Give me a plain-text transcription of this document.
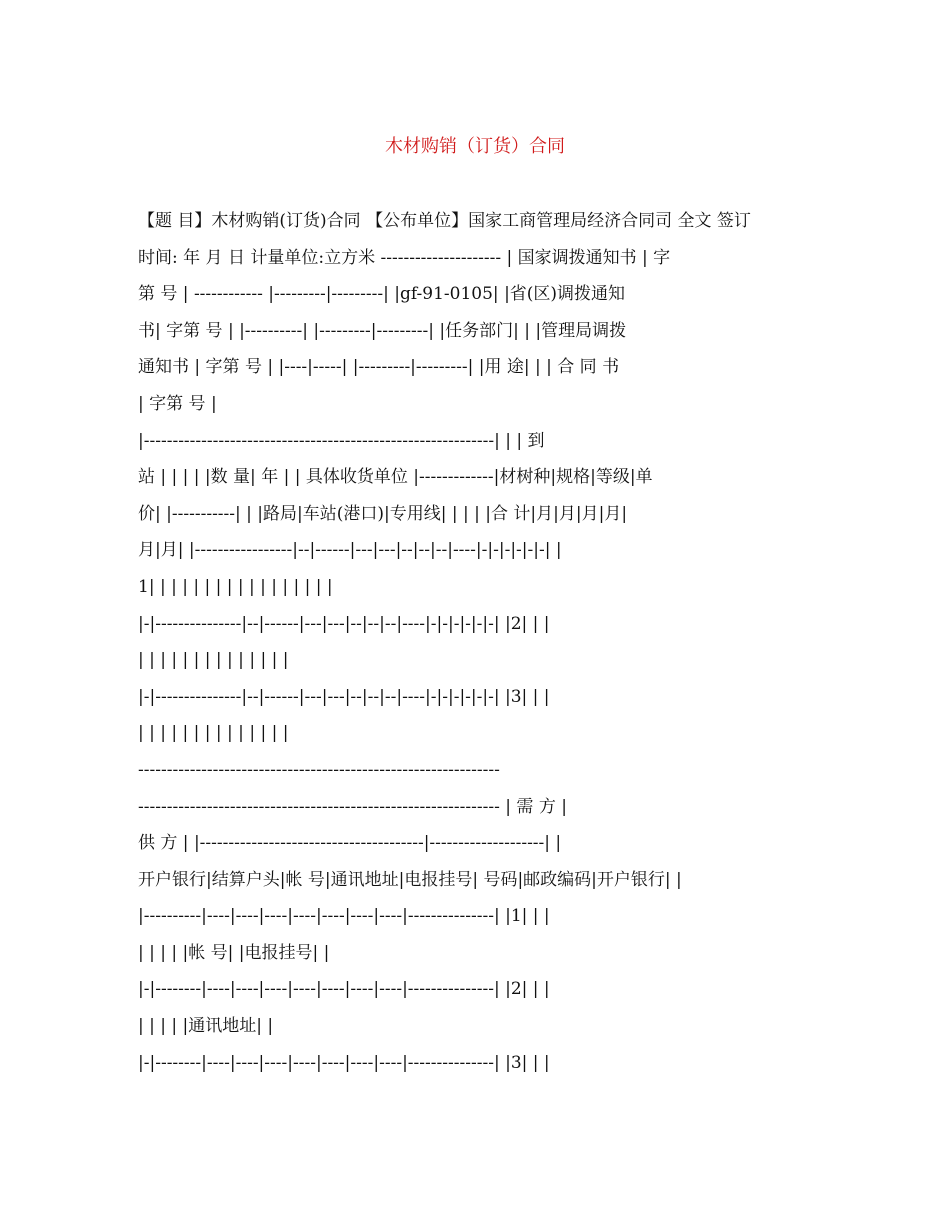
木材购销（订货）合同
【题 目】木材购销(订货)合同 【公布单位】国家工商管理局经济合同司 全文 签订
时间: 年 月 日 计量单位:立方米 --------------------- | 国家调拨通知书 | 字
第 号 | ------------ |---------|---------| |gf-91-0105| |省(区)调拨通知
书| 字第 号 | |----------| |---------|---------| |任务部门| | |管理局调拨
通知书 | 字第 号 | |----|-----| |---------|---------| |用 途| | | 合 同 书
| 字第 号 |
|-------------------------------------------------------------| | | 到
站 | | | | |数 量| 年 | | 具体收货单位 |-------------|材树种|规格|等级|单
价| |-----------| | |路局|车站(港口)|专用线| | | | |合 计|月|月|月|月|
月|月| |-----------------|--|------|---|---|--|--|--|----|-|-|-|-|-|-| |
1| | | | | | | | | | | | | | | | |
|-|---------------|--|------|---|---|--|--|--|----|-|-|-|-|-|-| |2| | |
| | | | | | | | | | | | | |
|-|---------------|--|------|---|---|--|--|--|----|-|-|-|-|-|-| |3| | |
| | | | | | | | | | | | | |
---------------------------------------------------------------
--------------------------------------------------------------- | 需 方 |
供 方 | |---------------------------------------|--------------------| |
开户银行|结算户头|帐 号|通讯地址|电报挂号| 号码|邮政编码|开户银行| |
|----------|----|----|----|----|----|----|----|---------------| |1| | |
| | | | |帐 号| |电报挂号| |
|-|--------|----|----|----|----|----|----|----|---------------| |2| | |
| | | | |通讯地址| |
|-|--------|----|----|----|----|----|----|----|---------------| |3| | |
